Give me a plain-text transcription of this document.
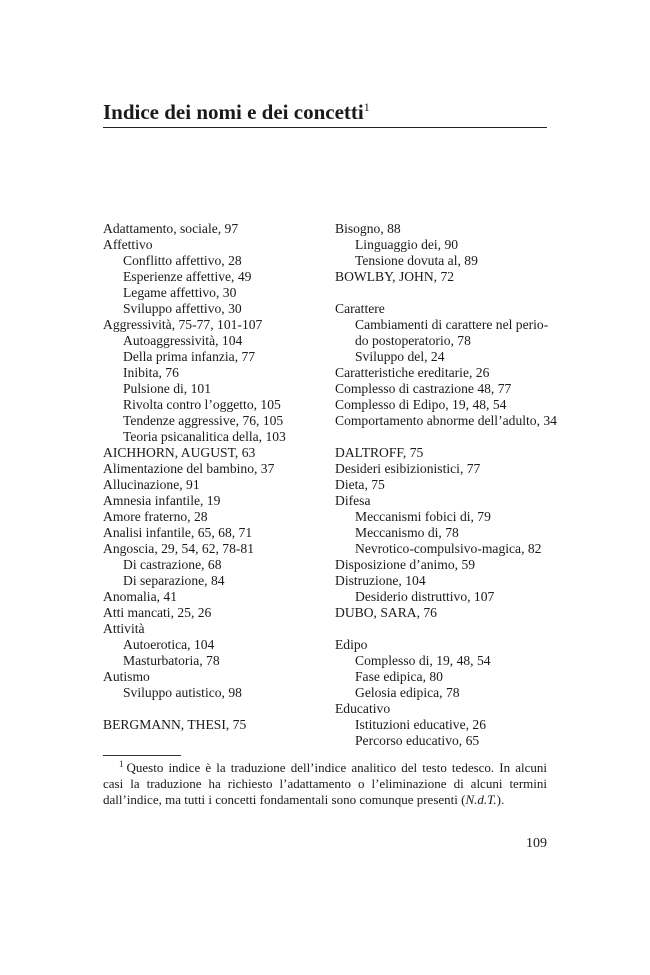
Indice dei nomi e dei concetti$^1$
Adattamento, sociale, 97
Affettivo
Conflitto affettivo, 28
Esperienze affettive, 49
Legame affettivo, 30
Sviluppo affettivo, 30
Aggressività, 75-77, 101-107
Autoaggressività, 104
Della prima infanzia, 77
Inibita, 76
Pulsione di, 101
Rivolta contro l’oggetto, 105
Tendenze aggressive, 76, 105
Teoria psicanalitica della, 103
AICHHORN, AUGUST, 63
Alimentazione del bambino, 37
Allucinazione, 91
Amnesia infantile, 19
Amore fraterno, 28
Analisi infantile, 65, 68, 71
Angoscia, 29, 54, 62, 78-81
Di castrazione, 68
Di separazione, 84
Anomalia, 41
Atti mancati, 25, 26
Attività
Autoerotica, 104
Masturbatoria, 78
Autismo
Sviluppo autistico, 98
BERGMANN, THESI, 75
Bisogno, 88
Linguaggio dei, 90
Tensione dovuta al, 89
BOWLBY, JOHN, 72
Carattere
Cambiamenti di carattere nel perio-
do postoperatorio, 78
Sviluppo del, 24
Caratteristiche ereditarie, 26
Complesso di castrazione 48, 77
Complesso di Edipo, 19, 48, 54
Comportamento abnorme dell’adulto, 34
DALTROFF, 75
Desideri esibizionistici, 77
Dieta, 75
Difesa
Meccanismi fobici di, 79
Meccanismo di, 78
Nevrotico-compulsivo-magica, 82
Disposizione d’animo, 59
Distruzione, 104
Desiderio distruttivo, 107
DUBO, SARA, 76
Edipo
Complesso di, 19, 48, 54
Fase edipica, 80
Gelosia edipica, 78
Educativo
Istituzioni educative, 26
Percorso educativo, 65
$^1$ Questo indice è la traduzione dell’indice analitico del testo tedesco. In alcuni casi la traduzione ha richiesto l’adattamento o l’eliminazione di alcuni termini dall’indice, ma tutti i concetti fondamentali sono comunque presenti (N.d.T.).
109
